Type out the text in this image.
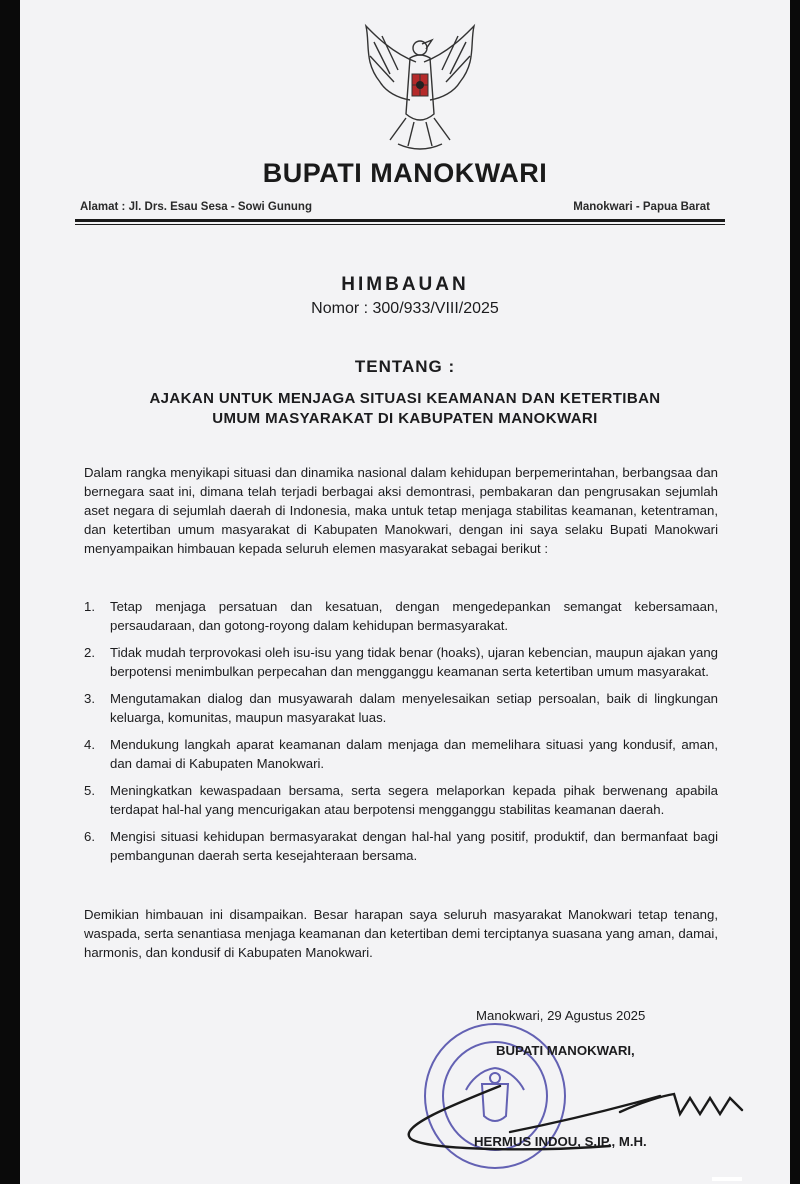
BUPATI MANOKWARI
Alamat : Jl. Drs. Esau Sesa - Sowi Gunung	Manokwari - Papua Barat
HIMBAUAN
Nomor : 300/933/VIII/2025
TENTANG :
AJAKAN UNTUK MENJAGA SITUASI KEAMANAN DAN KETERTIBAN
UMUM MASYARAKAT DI KABUPATEN MANOKWARI

Dalam rangka menyikapi situasi dan dinamika nasional dalam kehidupan berpemerintahan, berbangsaa dan bernegara saat ini, dimana telah terjadi berbagai aksi demontrasi, pembakaran dan pengrusakan sejumlah aset negara di sejumlah daerah di Indonesia, maka untuk tetap menjaga stabilitas keamanan, ketentraman, dan ketertiban umum masyarakat di Kabupaten Manokwari, dengan ini saya selaku Bupati Manokwari menyampaikan himbauan kepada seluruh elemen masyarakat sebagai berikut :

1.	Tetap menjaga persatuan dan kesatuan, dengan mengedepankan semangat kebersamaan, persaudaraan, dan gotong-royong dalam kehidupan bermasyarakat.
2.	Tidak mudah terprovokasi oleh isu-isu yang tidak benar (hoaks), ujaran kebencian, maupun ajakan yang berpotensi menimbulkan perpecahan dan mengganggu keamanan serta ketertiban umum masyarakat.
3.	Mengutamakan dialog dan musyawarah dalam menyelesaikan setiap persoalan, baik di lingkungan keluarga, komunitas, maupun masyarakat luas.
4.	Mendukung langkah aparat keamanan dalam menjaga dan memelihara situasi yang kondusif, aman, dan damai di Kabupaten Manokwari.
5.	Meningkatkan kewaspadaan bersama, serta segera melaporkan kepada pihak berwenang apabila terdapat hal-hal yang mencurigakan atau berpotensi mengganggu stabilitas keamanan daerah.
6.	Mengisi situasi kehidupan bermasyarakat dengan hal-hal yang positif, produktif, dan bermanfaat bagi pembangunan daerah serta kesejahteraan bersama.

Demikian himbauan ini disampaikan. Besar harapan saya seluruh masyarakat Manokwari tetap tenang, waspada, serta senantiasa menjaga keamanan dan ketertiban demi terciptanya suasana yang aman, damai, harmonis, dan kondusif di Kabupaten Manokwari.

Manokwari, 29 Agustus 2025
BUPATI MANOKWARI,
HERMUS INDOU, S.IP., M.H.
